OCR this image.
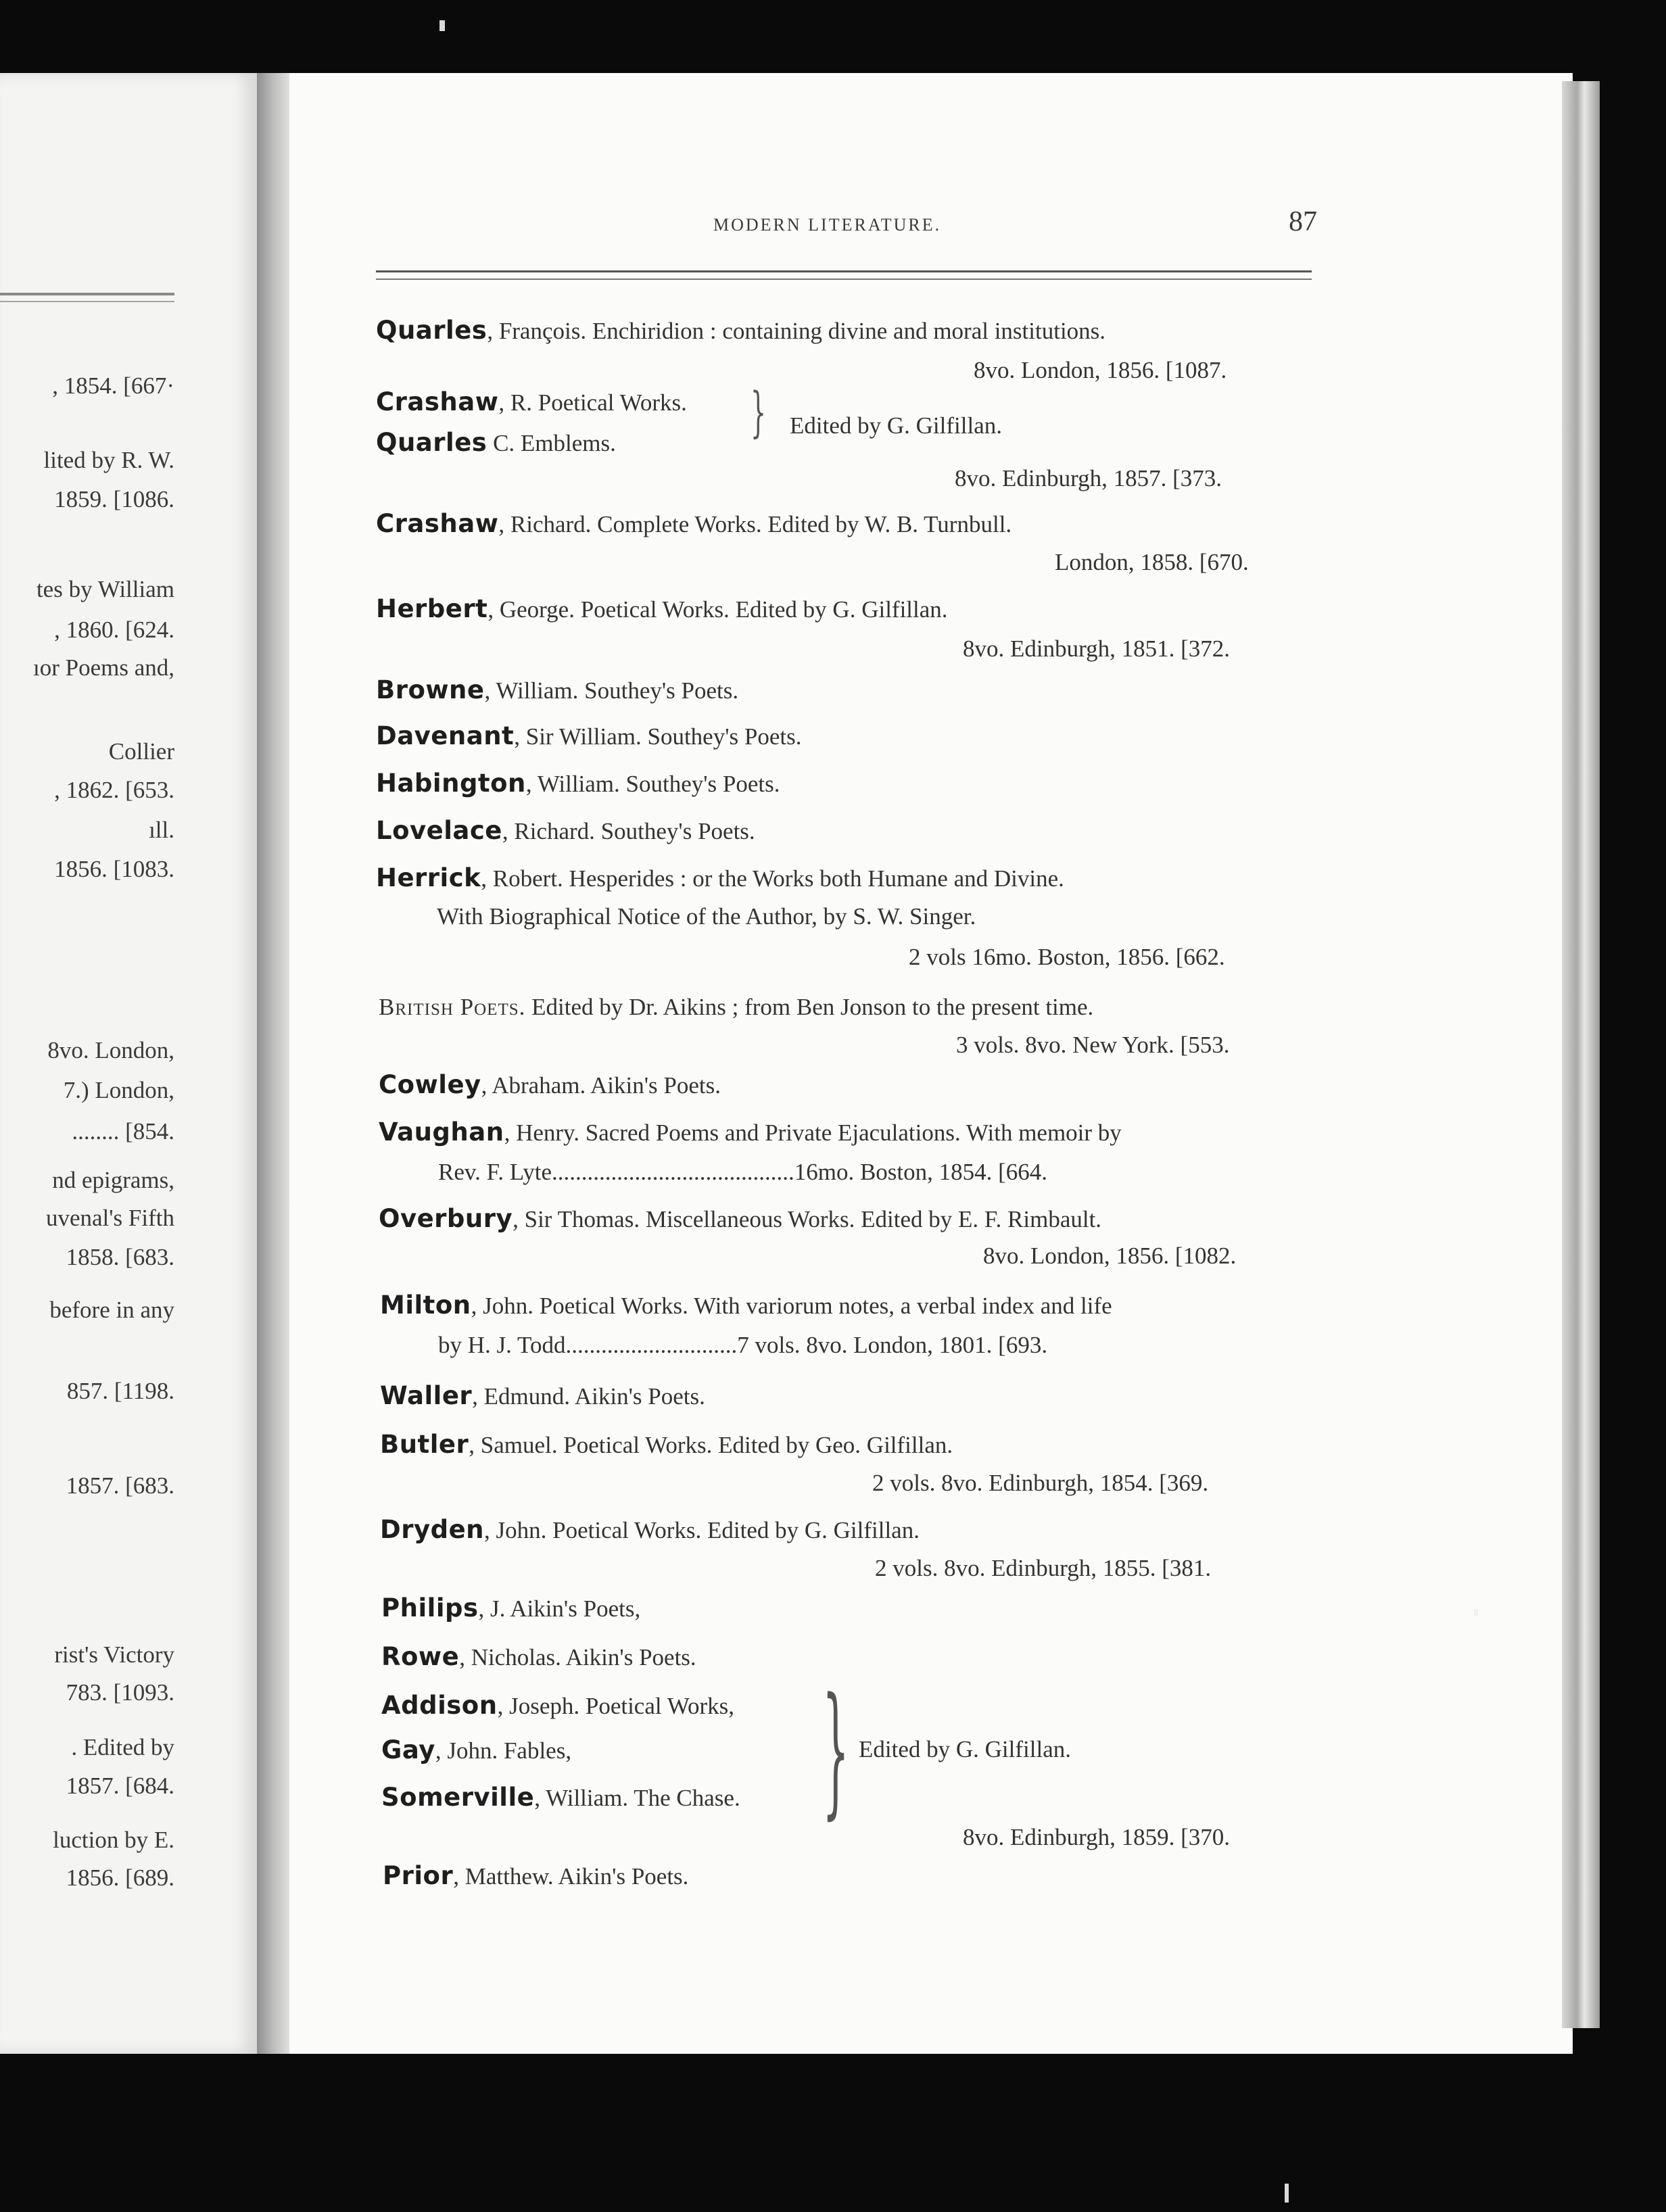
, 1854. [667·
lited by R. W.
1859. [1086.
tes by William
, 1860. [624.
ıor Poems and,
Collier
, 1862. [653.
ıll.
1856. [1083.
8vo. London,
7.) London,
........ [854.
nd epigrams,
uvenal's Fifth
1858. [683.
before in any
857. [1198.
1857. [683.
rist's Victory
783. [1093.
. Edited by
1857. [684.
luction by E.
1856. [689.
MODERN LITERATURE.	87
Quarles, François. Enchiridion : containing divine and moral institutions.
8vo. London, 1856. [1087.
Crashaw, R. Poetical Works. } Edited by G. Gilfillan.
Quarles C. Emblems.
8vo. Edinburgh, 1857. [373.
Crashaw, Richard. Complete Works. Edited by W. B. Turnbull.
London, 1858. [670.
Herbert, George. Poetical Works. Edited by G. Gilfillan.
8vo. Edinburgh, 1851. [372.
Browne, William. Southey's Poets.
Davenant, Sir William. Southey's Poets.
Habington, William. Southey's Poets.
Lovelace, Richard. Southey's Poets.
Herrick, Robert. Hesperides : or the Works both Humane and Divine.
With Biographical Notice of the Author, by S. W. Singer.
2 vols 16mo. Boston, 1856. [662.
British Poets. Edited by Dr. Aikins ; from Ben Jonson to the present time.
3 vols. 8vo. New York. [553.
Cowley, Abraham. Aikin's Poets.
Vaughan, Henry. Sacred Poems and Private Ejaculations. With memoir by
Rev. F. Lyte.........................................16mo. Boston, 1854. [664.
Overbury, Sir Thomas. Miscellaneous Works. Edited by E. F. Rimbault.
8vo. London, 1856. [1082.
Milton, John. Poetical Works. With variorum notes, a verbal index and life
by H. J. Todd.............................7 vols. 8vo. London, 1801. [693.
Waller, Edmund. Aikin's Poets.
Butler, Samuel. Poetical Works. Edited by Geo. Gilfillan.
2 vols. 8vo. Edinburgh, 1854. [369.
Dryden, John. Poetical Works. Edited by G. Gilfillan.
2 vols. 8vo. Edinburgh, 1855. [381.
Philips, J. Aikin's Poets,
Rowe, Nicholas. Aikin's Poets.
Addison, Joseph. Poetical Works, } Edited by G. Gilfillan.
Gay, John. Fables,
Somerville, William. The Chase.
8vo. Edinburgh, 1859. [370.
Prior, Matthew. Aikin's Poets.
